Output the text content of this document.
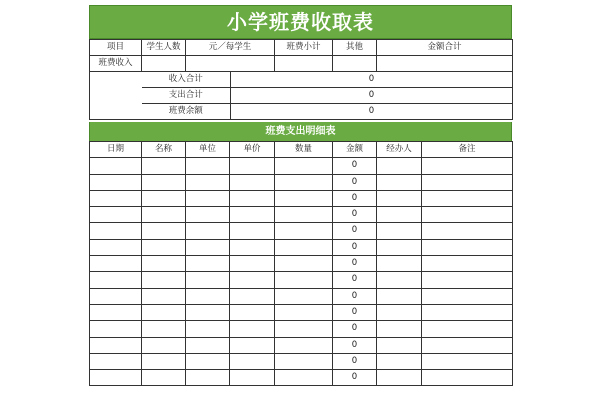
小学班费收取表
项目	学生人数	元／每学生	班费小计	其他	金额合计
班费收入					
	收入合计	0
	支出合计	0
	班费余额	0
班费支出明细表
日期	名称	单位	单价	数量	金额	经办人	备注
					0		
					0		
					0		
					0		
					0		
					0		
					0		
					0		
					0		
					0		
					0		
					0		
					0		
					0		
